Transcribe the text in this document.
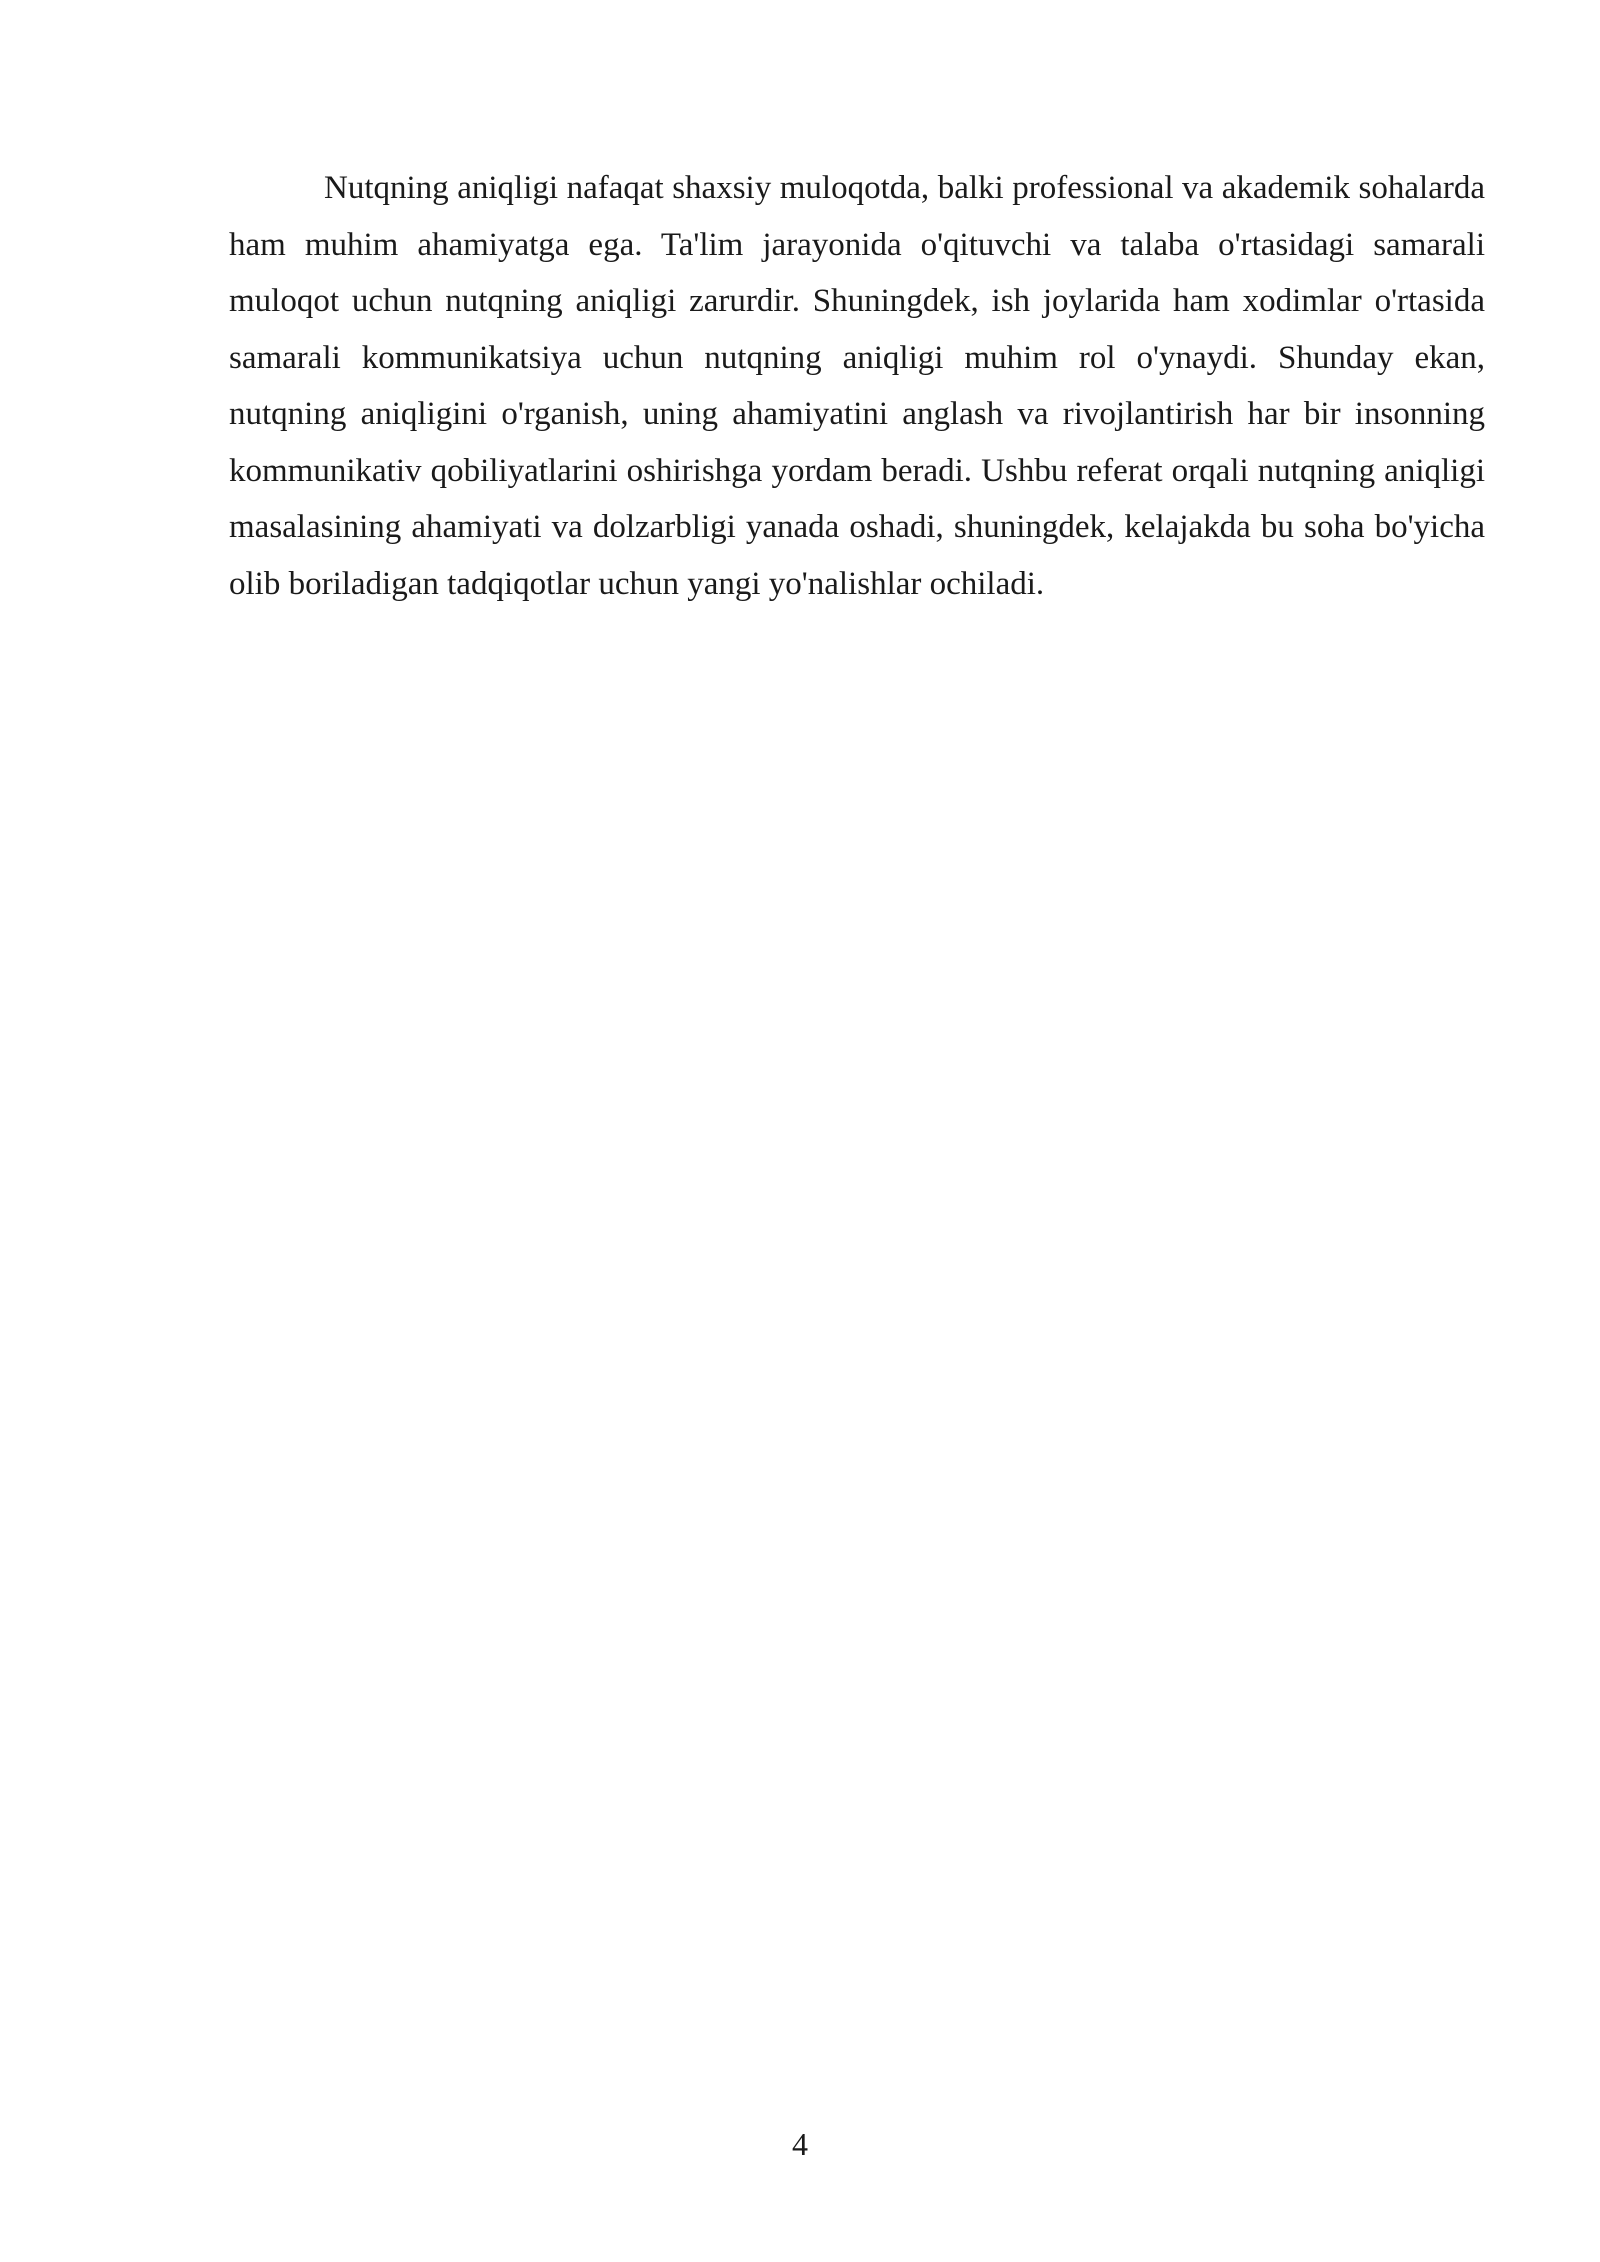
Nutqning aniqligi nafaqat shaxsiy muloqotda, balki professional va akademik sohalarda ham muhim ahamiyatga ega. Ta'lim jarayonida o'qituvchi va talaba o'rtasidagi samarali muloqot uchun nutqning aniqligi zarurdir. Shuningdek, ish joylarida ham xodimlar o'rtasida samarali kommunikatsiya uchun nutqning aniqligi muhim rol o'ynaydi. Shunday ekan, nutqning aniqligini o'rganish, uning ahamiyatini anglash va rivojlantirish har bir insonning kommunikativ qobiliyatlarini oshirishga yordam beradi. Ushbu referat orqali nutqning aniqligi masalasining ahamiyati va dolzarbligi yanada oshadi, shuningdek, kelajakda bu soha bo'yicha olib boriladigan tadqiqotlar uchun yangi yo'nalishlar ochiladi.

4
